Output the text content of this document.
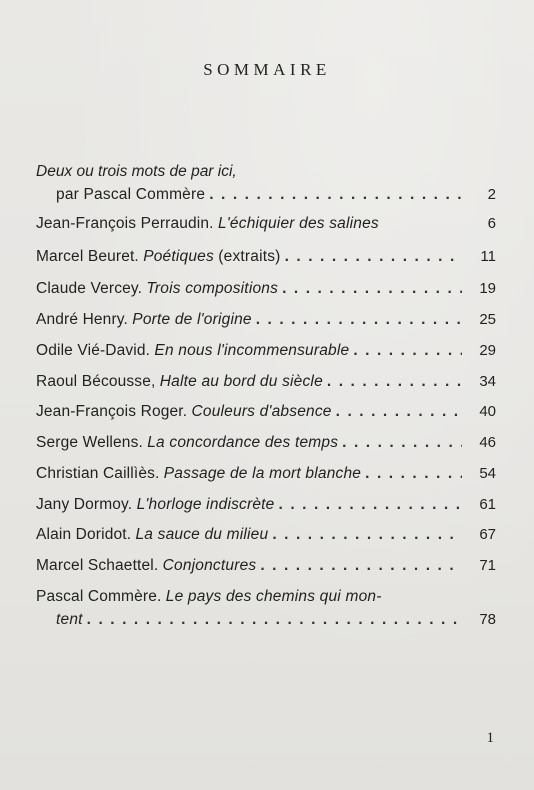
SOMMAIRE
Deux ou trois mots de par ici,
par Pascal Commère . . .	2
Jean-François Perraudin.
L'échiquier des salines	6
Marcel Beuret.
Poétiques
(extraits) . . .	11
Claude Vercey.
Trois compositions . . .	19
André Henry.
Porte de l'origine . . .	25
Odile Vié-David.
En nous l'incommensurable . . .	29
Raoul Bécousse,
Halte au bord du siècle . . .	34
Jean-François Roger.
Couleurs d'absence . . .	40
Serge Wellens.
La concordance des temps . . .	46
Christian Caillìès.
Passage de la mort blanche . . .	54
Jany Dormoy.
L'horloge indiscrète . . .	61
Alain Doridot.
La sauce du milieu . . .	67
Marcel Schaettel.
Conjonctures . . .	71
Pascal Commère.
Le pays des chemins qui mon-
tent . . .	78
1
